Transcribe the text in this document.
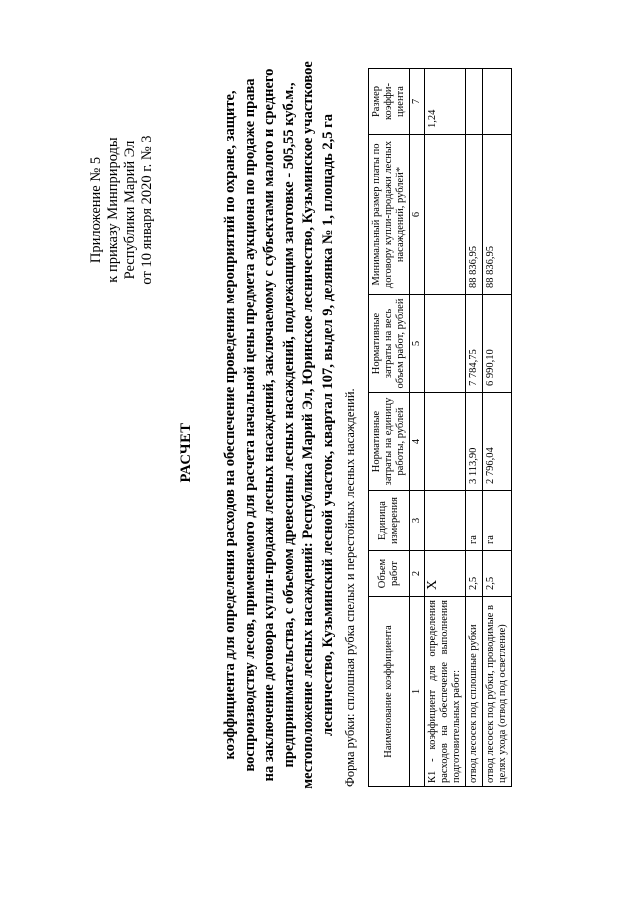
Приложение № 5 к приказу Минприроды Республики Марий Эл от 10 января 2020 г. № 3
РАСЧЕТ коэффициента для определения расходов на обеспечение проведения мероприятий по охране, защите, воспроизводству лесов, применяемого для расчета начальной цены предмета аукциона по продаже права на заключение договора купли-продажи лесных насаждений, заключаемому с субъектами малого и среднего предпринимательства, с объемом древесины лесных насаждений, подлежащим заготовке - 505,55 куб.м., местоположение лесных насаждений: Республика Марий Эл, Юринское лесничество, Кузьминское участковое лесничество, Кузьминский лесной участок, квартал 107, выдел 9, делянка № 1, площадь 2,5 га Форма рубки: сплошная рубка спелых и перестойных лесных насаждений. Наименование коэффициента	Объем работ	Единица измерения	Нормативные затраты на единицу работы, рублей	Нормативные затраты на весь объем работ, рублей	Минимальный размер платы по договору купли-продажи лесных насаждений, рублей*	Размер коэффи-циента
1	2	3	4	5	6	7
К1 - коэффициент для определения расходов на обеспечение выполнения подготовительных работ:	Х					1,24
отвод лесосек под сплошные рубки	2,5	га	3 113,90	7 784,75	88 836,95	
отвод лесосек под рубки, проводимые в целях ухода (отвод под осветление)	2,5	га	2 796,04	6 990,10	88 836,95	
